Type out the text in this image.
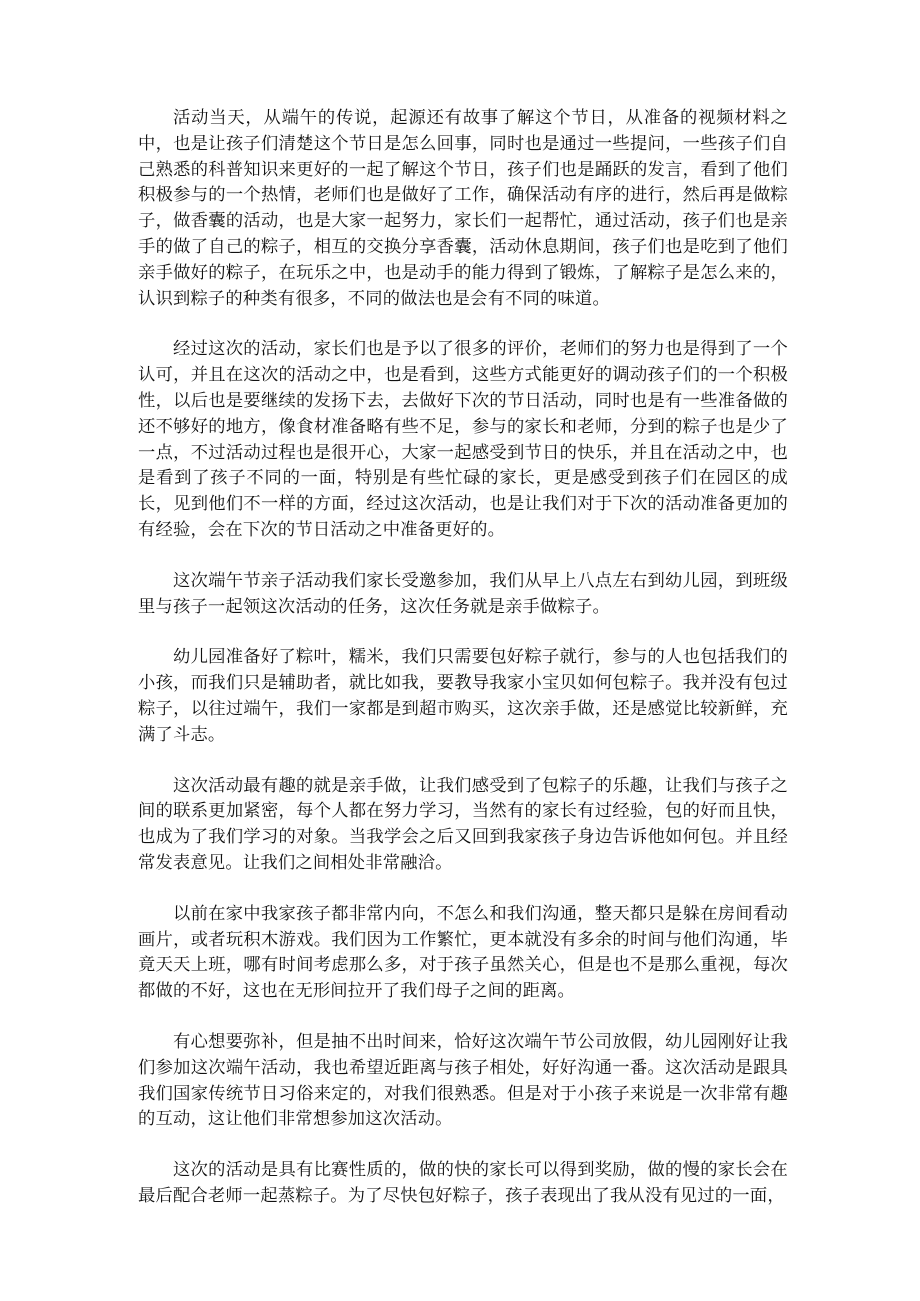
活动当天，从端午的传说，起源还有故事了解这个节日，从准备的视频材料之中，也是让孩子们清楚这个节日是怎么回事，同时也是通过一些提问，一些孩子们自己熟悉的科普知识来更好的一起了解这个节日，孩子们也是踊跃的发言，看到了他们积极参与的一个热情，老师们也是做好了工作，确保活动有序的进行，然后再是做粽子，做香囊的活动，也是大家一起努力，家长们一起帮忙，通过活动，孩子们也是亲手的做了自己的粽子，相互的交换分享香囊，活动休息期间，孩子们也是吃到了他们亲手做好的粽子，在玩乐之中，也是动手的能力得到了锻炼，了解粽子是怎么来的，认识到粽子的种类有很多，不同的做法也是会有不同的味道。

经过这次的活动，家长们也是予以了很多的评价，老师们的努力也是得到了一个认可，并且在这次的活动之中，也是看到，这些方式能更好的调动孩子们的一个积极性，以后也是要继续的发扬下去，去做好下次的节日活动，同时也是有一些准备做的还不够好的地方，像食材准备略有些不足，参与的家长和老师，分到的粽子也是少了一点，不过活动过程也是很开心，大家一起感受到节日的快乐，并且在活动之中，也是看到了孩子不同的一面，特别是有些忙碌的家长，更是感受到孩子们在园区的成长，见到他们不一样的方面，经过这次活动，也是让我们对于下次的活动准备更加的有经验，会在下次的节日活动之中准备更好的。

这次端午节亲子活动我们家长受邀参加，我们从早上八点左右到幼儿园，到班级里与孩子一起领这次活动的任务，这次任务就是亲手做粽子。

幼儿园准备好了粽叶，糯米，我们只需要包好粽子就行，参与的人也包括我们的小孩，而我们只是辅助者，就比如我，要教导我家小宝贝如何包粽子。我并没有包过粽子，以往过端午，我们一家都是到超市购买，这次亲手做，还是感觉比较新鲜，充满了斗志。

这次活动最有趣的就是亲手做，让我们感受到了包粽子的乐趣，让我们与孩子之间的联系更加紧密，每个人都在努力学习，当然有的家长有过经验，包的好而且快，也成为了我们学习的对象。当我学会之后又回到我家孩子身边告诉他如何包。并且经常发表意见。让我们之间相处非常融洽。

以前在家中我家孩子都非常内向，不怎么和我们沟通，整天都只是躲在房间看动画片，或者玩积木游戏。我们因为工作繁忙，更本就没有多余的时间与他们沟通，毕竟天天上班，哪有时间考虑那么多，对于孩子虽然关心，但是也不是那么重视，每次都做的不好，这也在无形间拉开了我们母子之间的距离。

有心想要弥补，但是抽不出时间来，恰好这次端午节公司放假，幼儿园刚好让我们参加这次端午活动，我也希望近距离与孩子相处，好好沟通一番。这次活动是跟具我们国家传统节日习俗来定的，对我们很熟悉。但是对于小孩子来说是一次非常有趣的互动，这让他们非常想参加这次活动。

这次的活动是具有比赛性质的，做的快的家长可以得到奖励，做的慢的家长会在最后配合老师一起蒸粽子。为了尽快包好粽子，孩子表现出了我从没有见过的一面，
